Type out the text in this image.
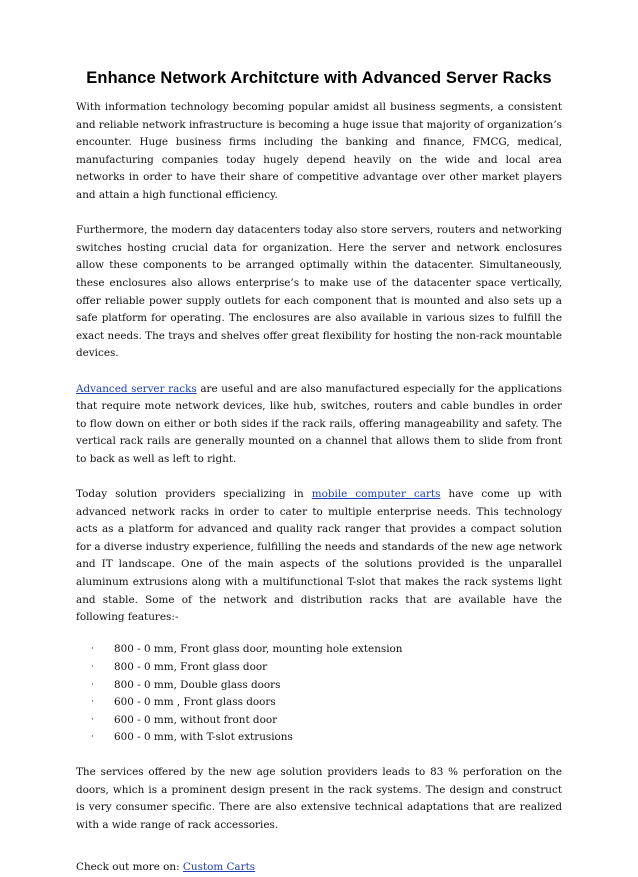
Enhance Network Architcture with Advanced Server Racks

With information technology becoming popular amidst all business segments, a consistent and reliable network infrastructure is becoming a huge issue that majority of organization’s encounter. Huge business firms including the banking and finance, FMCG, medical, manufacturing companies today hugely depend heavily on the wide and local area networks in order to have their share of competitive advantage over other market players and attain a high functional efficiency.

Furthermore, the modern day datacenters today also store servers, routers and networking switches hosting crucial data for organization. Here the server and network enclosures allow these components to be arranged optimally within the datacenter. Simultaneously, these enclosures also allows enterprise’s to make use of the datacenter space vertically, offer reliable power supply outlets for each component that is mounted and also sets up a safe platform for operating. The enclosures are also available in various sizes to fulfill the exact needs. The trays and shelves offer great flexibility for hosting the non-rack mountable devices.

Advanced server racks are useful and are also manufactured especially for the applications that require mote network devices, like hub, switches, routers and cable bundles in order to flow down on either or both sides if the rack rails, offering manageability and safety. The vertical rack rails are generally mounted on a channel that allows them to slide from front to back as well as left to right.

Today solution providers specializing in mobile computer carts have come up with advanced network racks in order to cater to multiple enterprise needs. This technology acts as a platform for advanced and quality rack ranger that provides a compact solution for a diverse industry experience, fulfilling the needs and standards of the new age network and IT landscape. One of the main aspects of the solutions provided is the unparallel aluminum extrusions along with a multifunctional T-slot that makes the rack systems light and stable. Some of the network and distribution racks that are available have the following features:-

· 800 - 0 mm, Front glass door, mounting hole extension
· 800 - 0 mm, Front glass door
· 800 - 0 mm, Double glass doors
· 600 - 0 mm , Front glass doors
· 600 - 0 mm, without front door
· 600 - 0 mm, with T-slot extrusions

The services offered by the new age solution providers leads to 83 % perforation on the doors, which is a prominent design present in the rack systems. The design and construct is very consumer specific. There are also extensive technical adaptations that are realized with a wide range of rack accessories.

Check out more on: Custom Carts
